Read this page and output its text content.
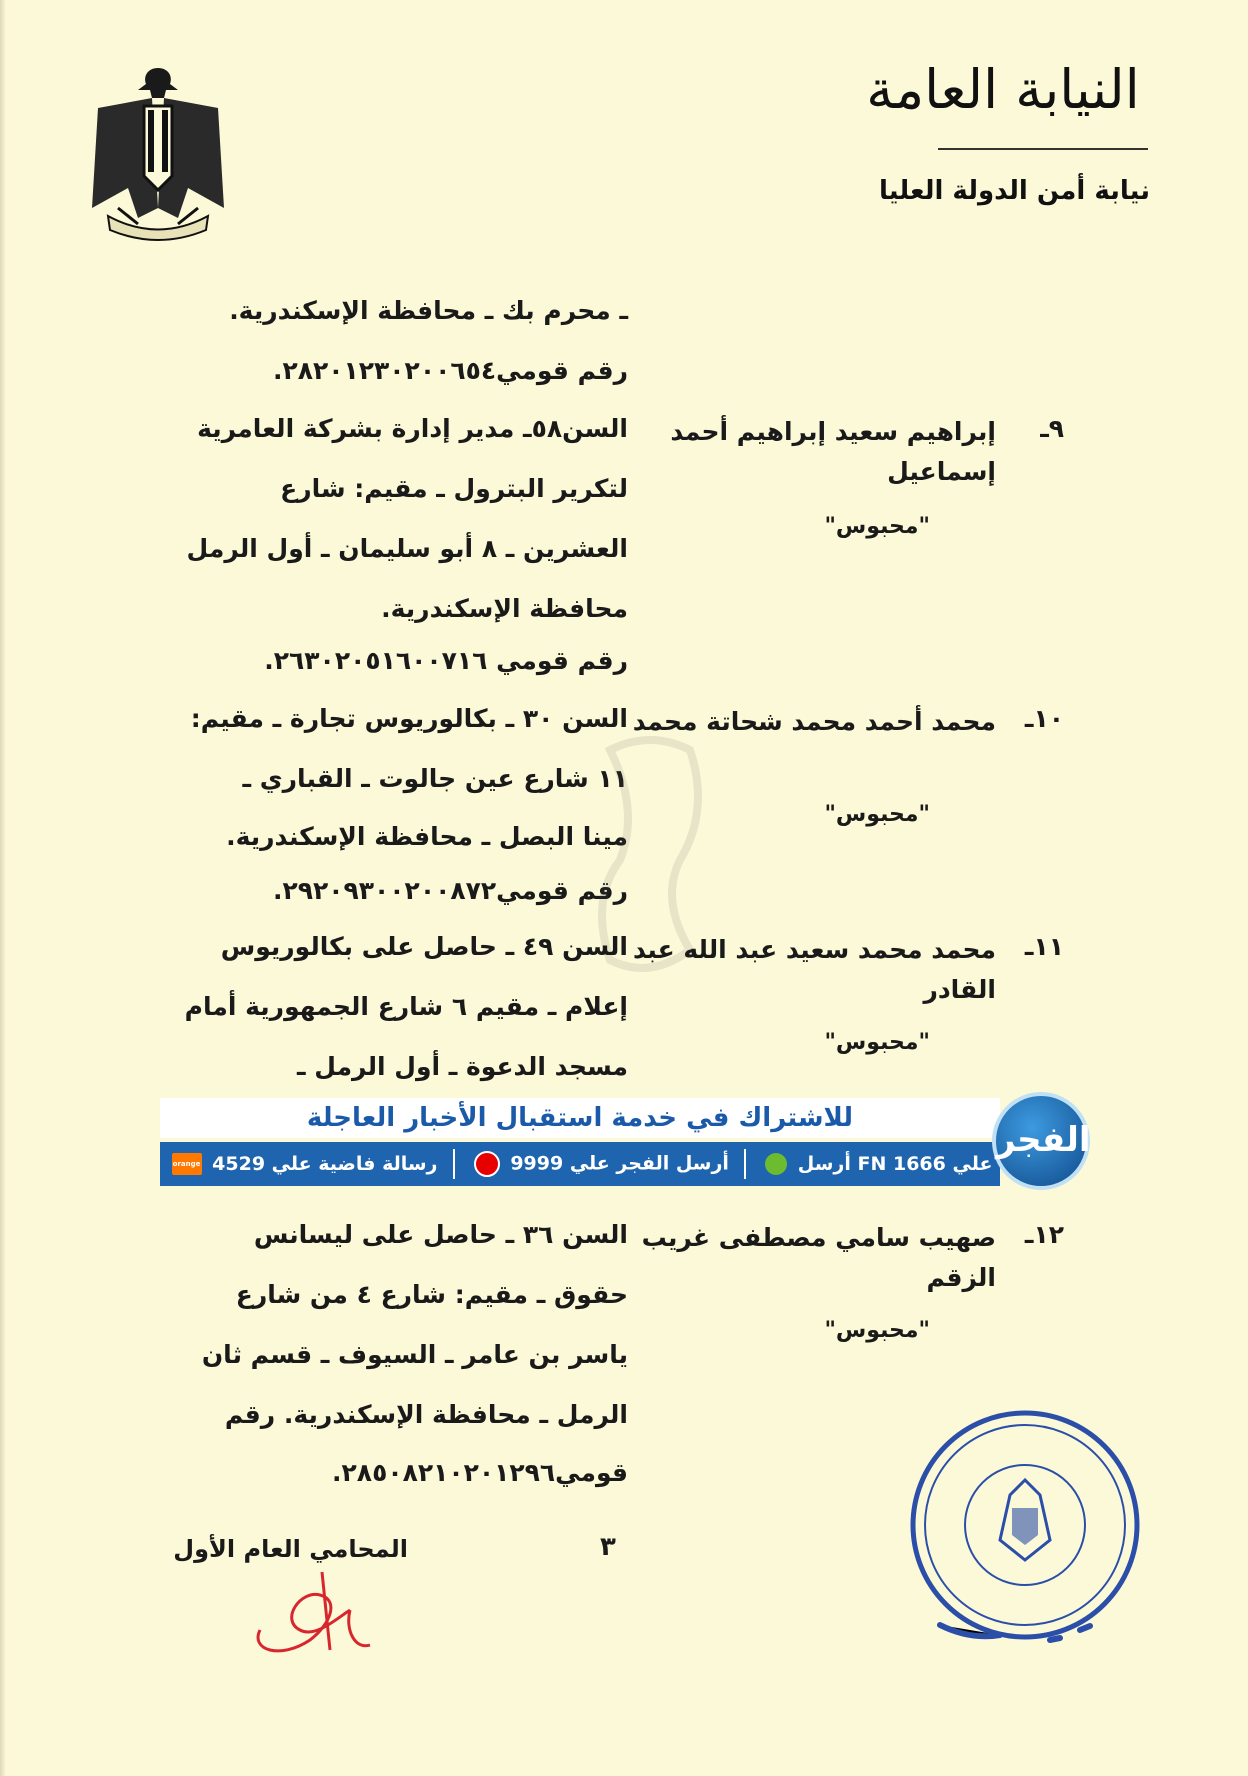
النيابة العامة
نيابة أمن الدولة العليا
ـ محرم بك ـ محافظة الإسكندرية.
رقم قومي٢٨٢٠١٢٣٠٢٠٠٦٥٤.
٩ـ
إبراهيم سعيد إبراهيم أحمد إسماعيل
"محبوس"
السن٥٨ـ مدير إدارة بشركة العامرية
لتكرير البترول ـ مقيم: شارع
العشرين ـ ٨ أبو سليمان ـ أول الرمل
محافظة الإسكندرية.
رقم قومي ٢٦٣٠٢٠٥١٦٠٠٧١٦.
١٠ـ
محمد أحمد محمد شحاتة محمد
"محبوس"
السن ٣٠ ـ بكالوريوس تجارة ـ مقيم:
١١ شارع عين جالوت ـ القباري ـ
مينا البصل ـ محافظة الإسكندرية.
رقم قومي٢٩٢٠٩٣٠٠٢٠٠٨٧٢.
١١ـ
محمد محمد سعيد عبد الله عبد القادر
"محبوس"
السن ٤٩ ـ حاصل على بكالوريوس
إعلام ـ مقيم ٦ شارع الجمهورية أمام
مسجد الدعوة ـ أول الرمل ـ
للاشتراك في خدمة استقبال الأخبار العاجلة
أرسل FN علي 1666
أرسل الفجر علي 9999
orange رسالة فاضية علي 4529
الفجر
١٢ـ
صهيب سامي مصطفى غريب الزقم
"محبوس"
السن ٣٦ ـ حاصل على ليسانس
حقوق ـ مقيم: شارع ٤ من شارع
ياسر بن عامر ـ السيوف ـ قسم ثان
الرمل ـ محافظة الإسكندرية. رقم
قومي٢٨٥٠٨٢١٠٢٠١٢٩٦.
٣
المحامي العام الأول
